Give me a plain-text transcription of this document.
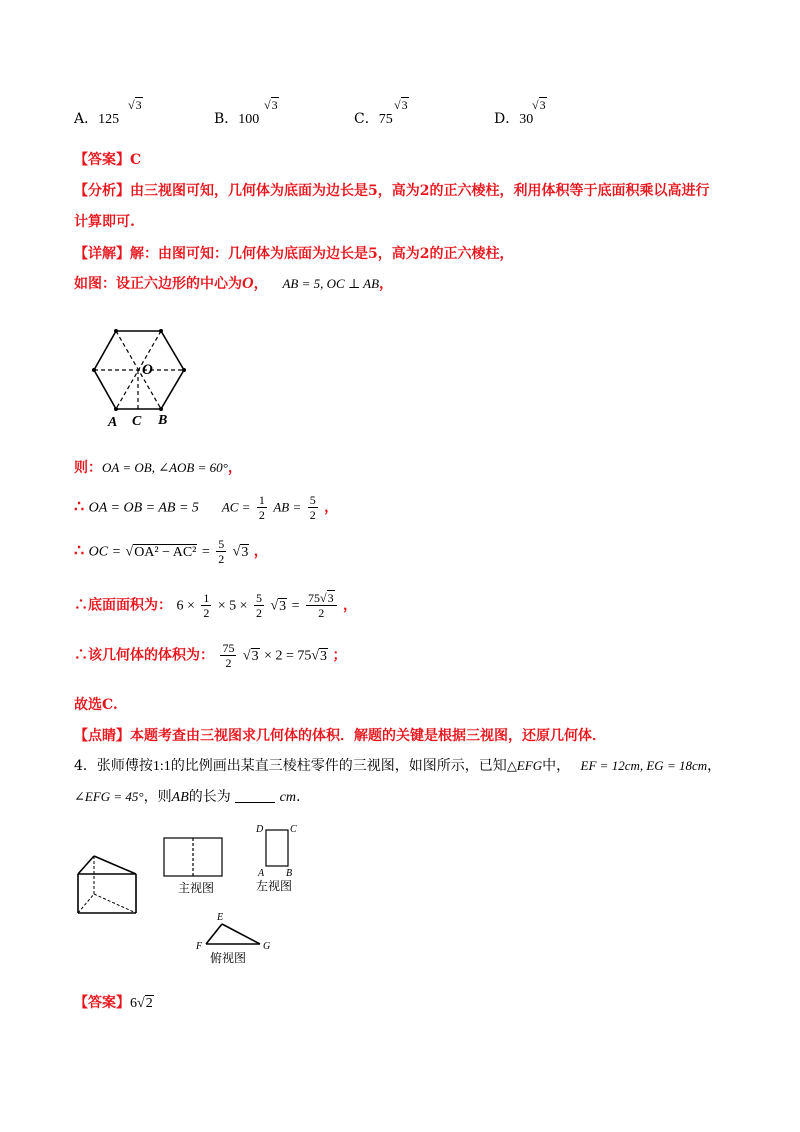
A．125
√3
B．100
√3
C．75
√3
D．30
√3
【答案】C
【分析】由三视图可知，几何体为底面为边长是5，高为2的正六棱柱，利用体积等于底面积乘以高进行
计算即可.
【详解】解：由图可知：几何体为底面为边长是5，高为2的正六棱柱，
如图：设正六边形的中心为O， AB = 5, OC ⊥ AB，
O
A C B
则：OA = OB, ∠AOB = 60°，
∴ OA = OB = AB = 5 AC = $\frac{1}{2}$ AB = $\frac{5}{2}$ ，
∴ OC = $√OA^2 - AC^2 = \frac{5}{2} √3$ ，
∴底面面积为： $6 \times \frac{1}{2} \times 5 \times \frac{5}{2} √3 = \frac{75√3}{2}$ ，
∴该几何体的体积为： $\frac{75}{2} √3 \times 2 = 75√3$ ；
故选C.
【点睛】本题考查由三视图求几何体的体积．解题的关键是根据三视图，还原几何体．
4．张师傅按1:1的比例画出某直三棱柱零件的三视图，如图所示，已知△EFG中， EF = 12cm, EG = 18cm，
∠EFG = 45°，则AB的长为	cm.
主视图
D	C
A B
左视图
E
F	G
俯视图
【答案】6√2
